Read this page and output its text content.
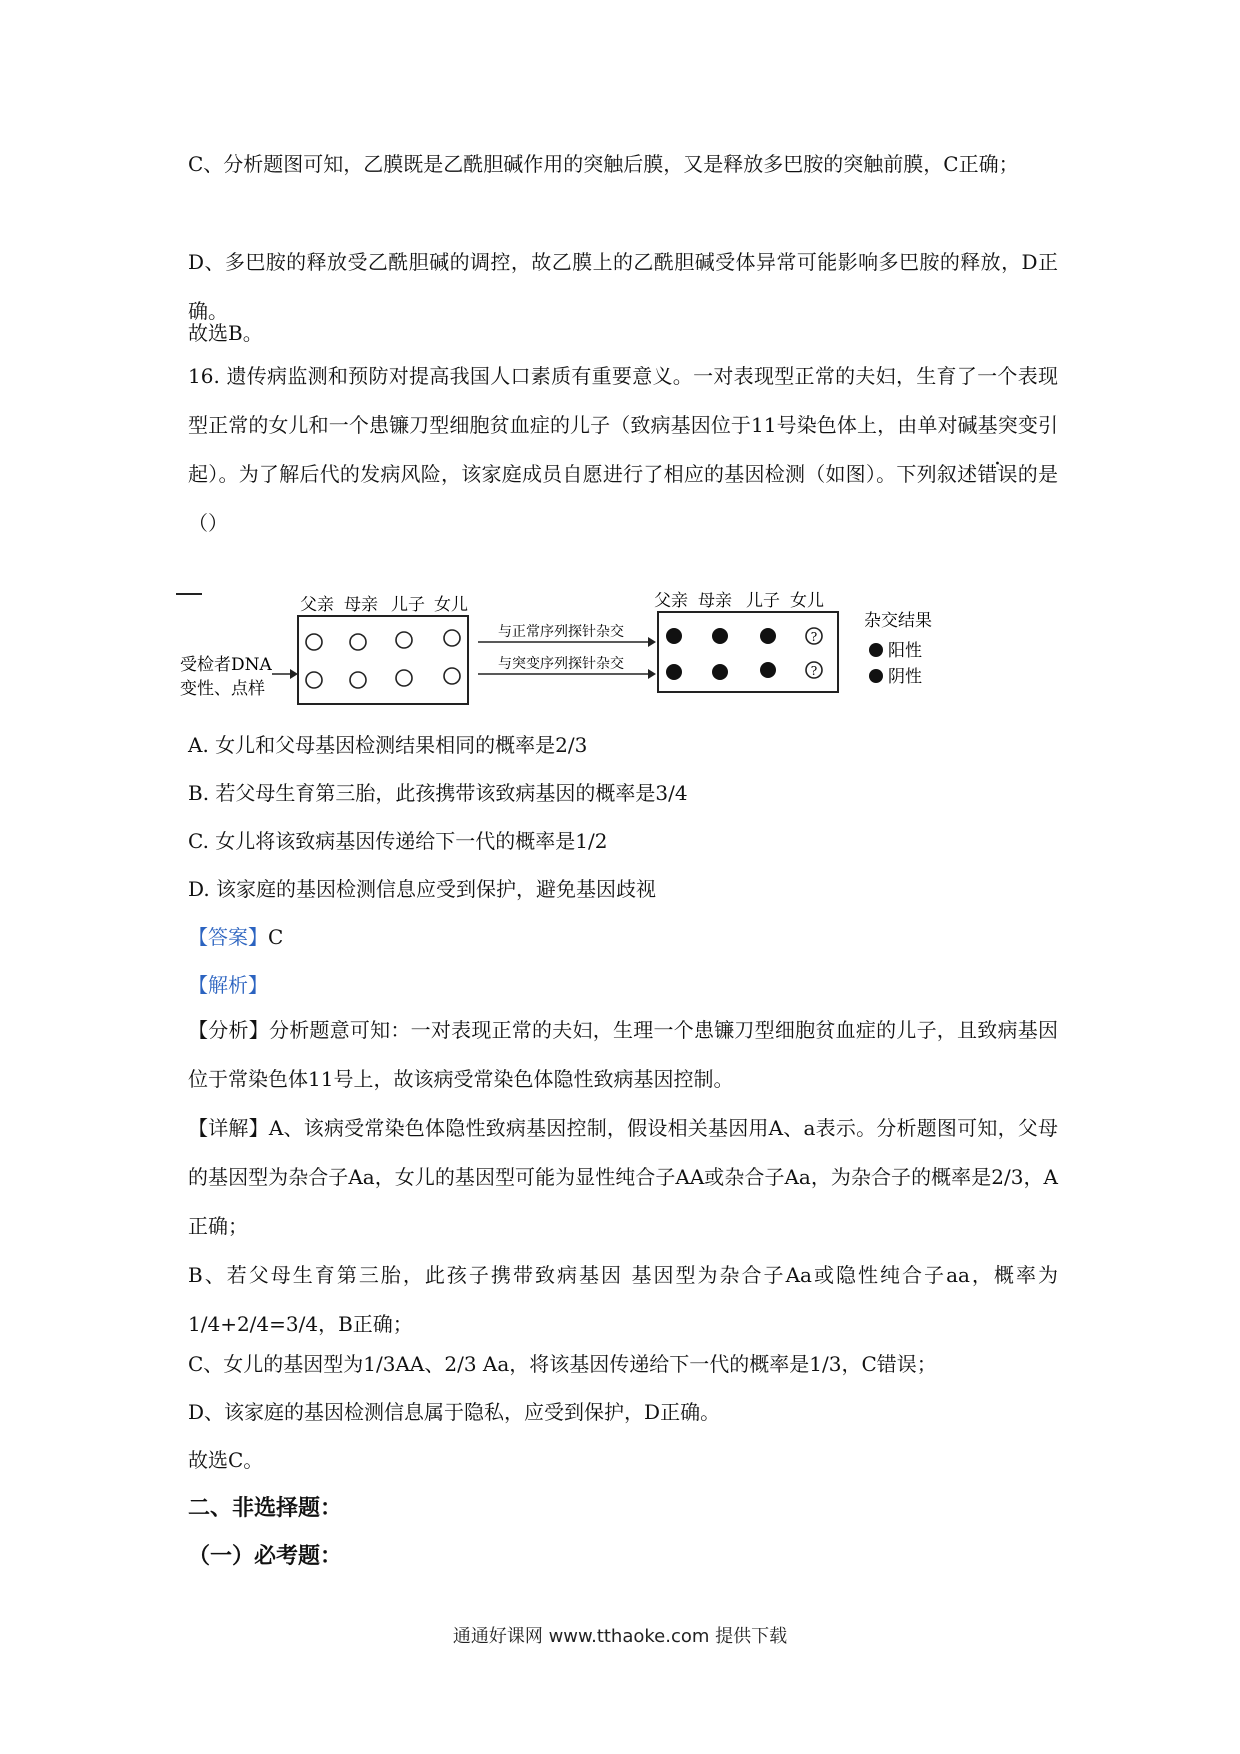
C、分析题图可知，乙膜既是乙酰胆碱作用的突触后膜，又是释放多巴胺的突触前膜，C正确；

D、多巴胺的释放受乙酰胆碱的调控，故乙膜上的乙酰胆碱受体异常可能影响多巴胺的释放，D正确。

故选B。

16. 遗传病监测和预防对提高我国人口素质有重要意义。一对表现型正常的夫妇，生育了一个表现型正常的女儿和一个患镰刀型细胞贫血症的儿子（致病基因位于11号染色体上，由单对碱基突变引起）。为了解后代的发病风险，该家庭成员自愿进行了相应的基因检测（如图）。下列叙述错误的是（）

受检者DNA
变性、点样
父亲 母亲 儿子 女儿
与正常序列探针杂交
与突变序列探针杂交
父亲 母亲 儿子 女儿
?
?
杂交结果
阳性
阴性

A. 女儿和父母基因检测结果相同的概率是2/3

B. 若父母生育第三胎，此孩携带该致病基因的概率是3/4

C. 女儿将该致病基因传递给下一代的概率是1/2

D. 该家庭的基因检测信息应受到保护，避免基因歧视

【答案】C

【解析】

【分析】分析题意可知：一对表现正常的夫妇，生理一个患镰刀型细胞贫血症的儿子，且致病基因位于常染色体11号上，故该病受常染色体隐性致病基因控制。

【详解】A、该病受常染色体隐性致病基因控制，假设相关基因用A、a表示。分析题图可知，父母的基因型为杂合子Aa，女儿的基因型可能为显性纯合子AA或杂合子Aa，为杂合子的概率是2/3，A正确；

B、若父母生育第三胎，此孩子携带致病基因 基因型为杂合子Aa或隐性纯合子aa，概率为1/4+2/4=3/4，B正确；

C、女儿的基因型为1/3AA、2/3 Aa，将该基因传递给下一代的概率是1/3，C错误；

D、该家庭的基因检测信息属于隐私，应受到保护，D正确。

故选C。

二、非选择题：

（一）必考题：

通通好课网 www.tthaoke.com 提供下载
